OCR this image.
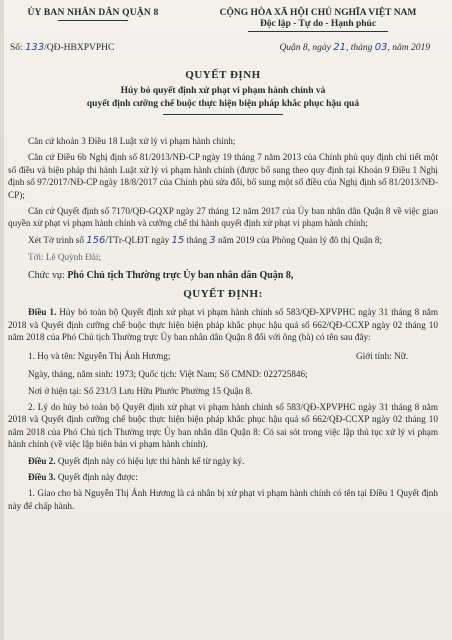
ỦY BAN NHÂN DÂN QUẬN 8	CỘNG HÒA XÃ HỘI CHỦ NGHĨA VIỆT NAM
Độc lập - Tự do - Hạnh phúc
Số: 133/QĐ-HBXPVPHC	Quận 8, ngày 21, tháng 03, năm 2019
QUYẾT ĐỊNH
Hủy bỏ quyết định xử phạt vi phạm hành chính và
quyết định cưỡng chế buộc thực hiện biện pháp khắc phục hậu quả

Căn cứ khoản 3 Điều 18 Luật xử lý vi phạm hành chính;

Căn cứ Điều 6b Nghị định số 81/2013/NĐ-CP ngày 19 tháng 7 năm 2013 của Chính phủ quy định chi tiết một số điều và biện pháp thi hành Luật xử lý vi phạm hành chính (được bổ sung theo quy định tại Khoản 9 Điều 1 Nghị định số 97/2017/NĐ-CP ngày 18/8/2017 của Chính phủ sửa đổi, bổ sung một số điều của Nghị định số 81/2013/NĐ-CP);

Căn cứ Quyết định số 7170/QĐ-GQXP ngày 27 tháng 12 năm 2017 của Ủy ban nhân dân Quận 8 về việc giao quyền xử phạt vi phạm hành chính và cưỡng chế thi hành quyết định xử phạt vi phạm hành chính;

Xét Tờ trình số 156/TTr-QLĐT ngày 15 tháng 3 năm 2019 của Phòng Quản lý đô thị Quận 8;

Tới: Lê Quỳnh Đài;

Chức vụ: Phó Chủ tịch Thường trực Ủy ban nhân dân Quận 8,
QUYẾT ĐỊNH:

Điều 1. Hủy bỏ toàn bộ Quyết định xử phạt vi phạm hành chính số 583/QĐ-XPVPHC ngày 31 tháng 8 năm 2018 và Quyết định cưỡng chế buộc thực hiện biện pháp khắc phục hậu quả số 662/QĐ-CCXP ngày 02 tháng 10 năm 2018 của Phó Chủ tịch Thường trực Ủy ban nhân dân Quận 8 đối với ông (bà) có tên sau đây:

1. Họ và tên: Nguyễn Thị Ánh Hương;	Giới tính: Nữ.

Ngày, tháng, năm sinh: 1973; Quốc tịch: Việt Nam; Số CMND: 022725846;

Nơi ở hiện tại: Số 231/3 Lưu Hữu Phước Phường 15 Quận 8.

2. Lý do hủy bỏ toàn bộ Quyết định xử phạt vi phạm hành chính số 583/QĐ-XPVPHC ngày 31 tháng 8 năm 2018 và Quyết định cưỡng chế buộc thực hiện biện pháp khắc phục hậu quả số 662/QĐ-CCXP ngày 02 tháng 10 năm 2018 của Phó Chủ tịch Thường trực Ủy ban nhân dân Quận 8: Có sai sót trong việc lập thủ tục xử lý vi phạm hành chính (về việc lập biên bản vi phạm hành chính).

Điều 2. Quyết định này có hiệu lực thi hành kể từ ngày ký.

Điều 3. Quyết định này được:

1. Giao cho bà Nguyễn Thị Ánh Hương là cá nhân bị xử phạt vi phạm hành chính có tên tại Điều 1 Quyết định này để chấp hành.
